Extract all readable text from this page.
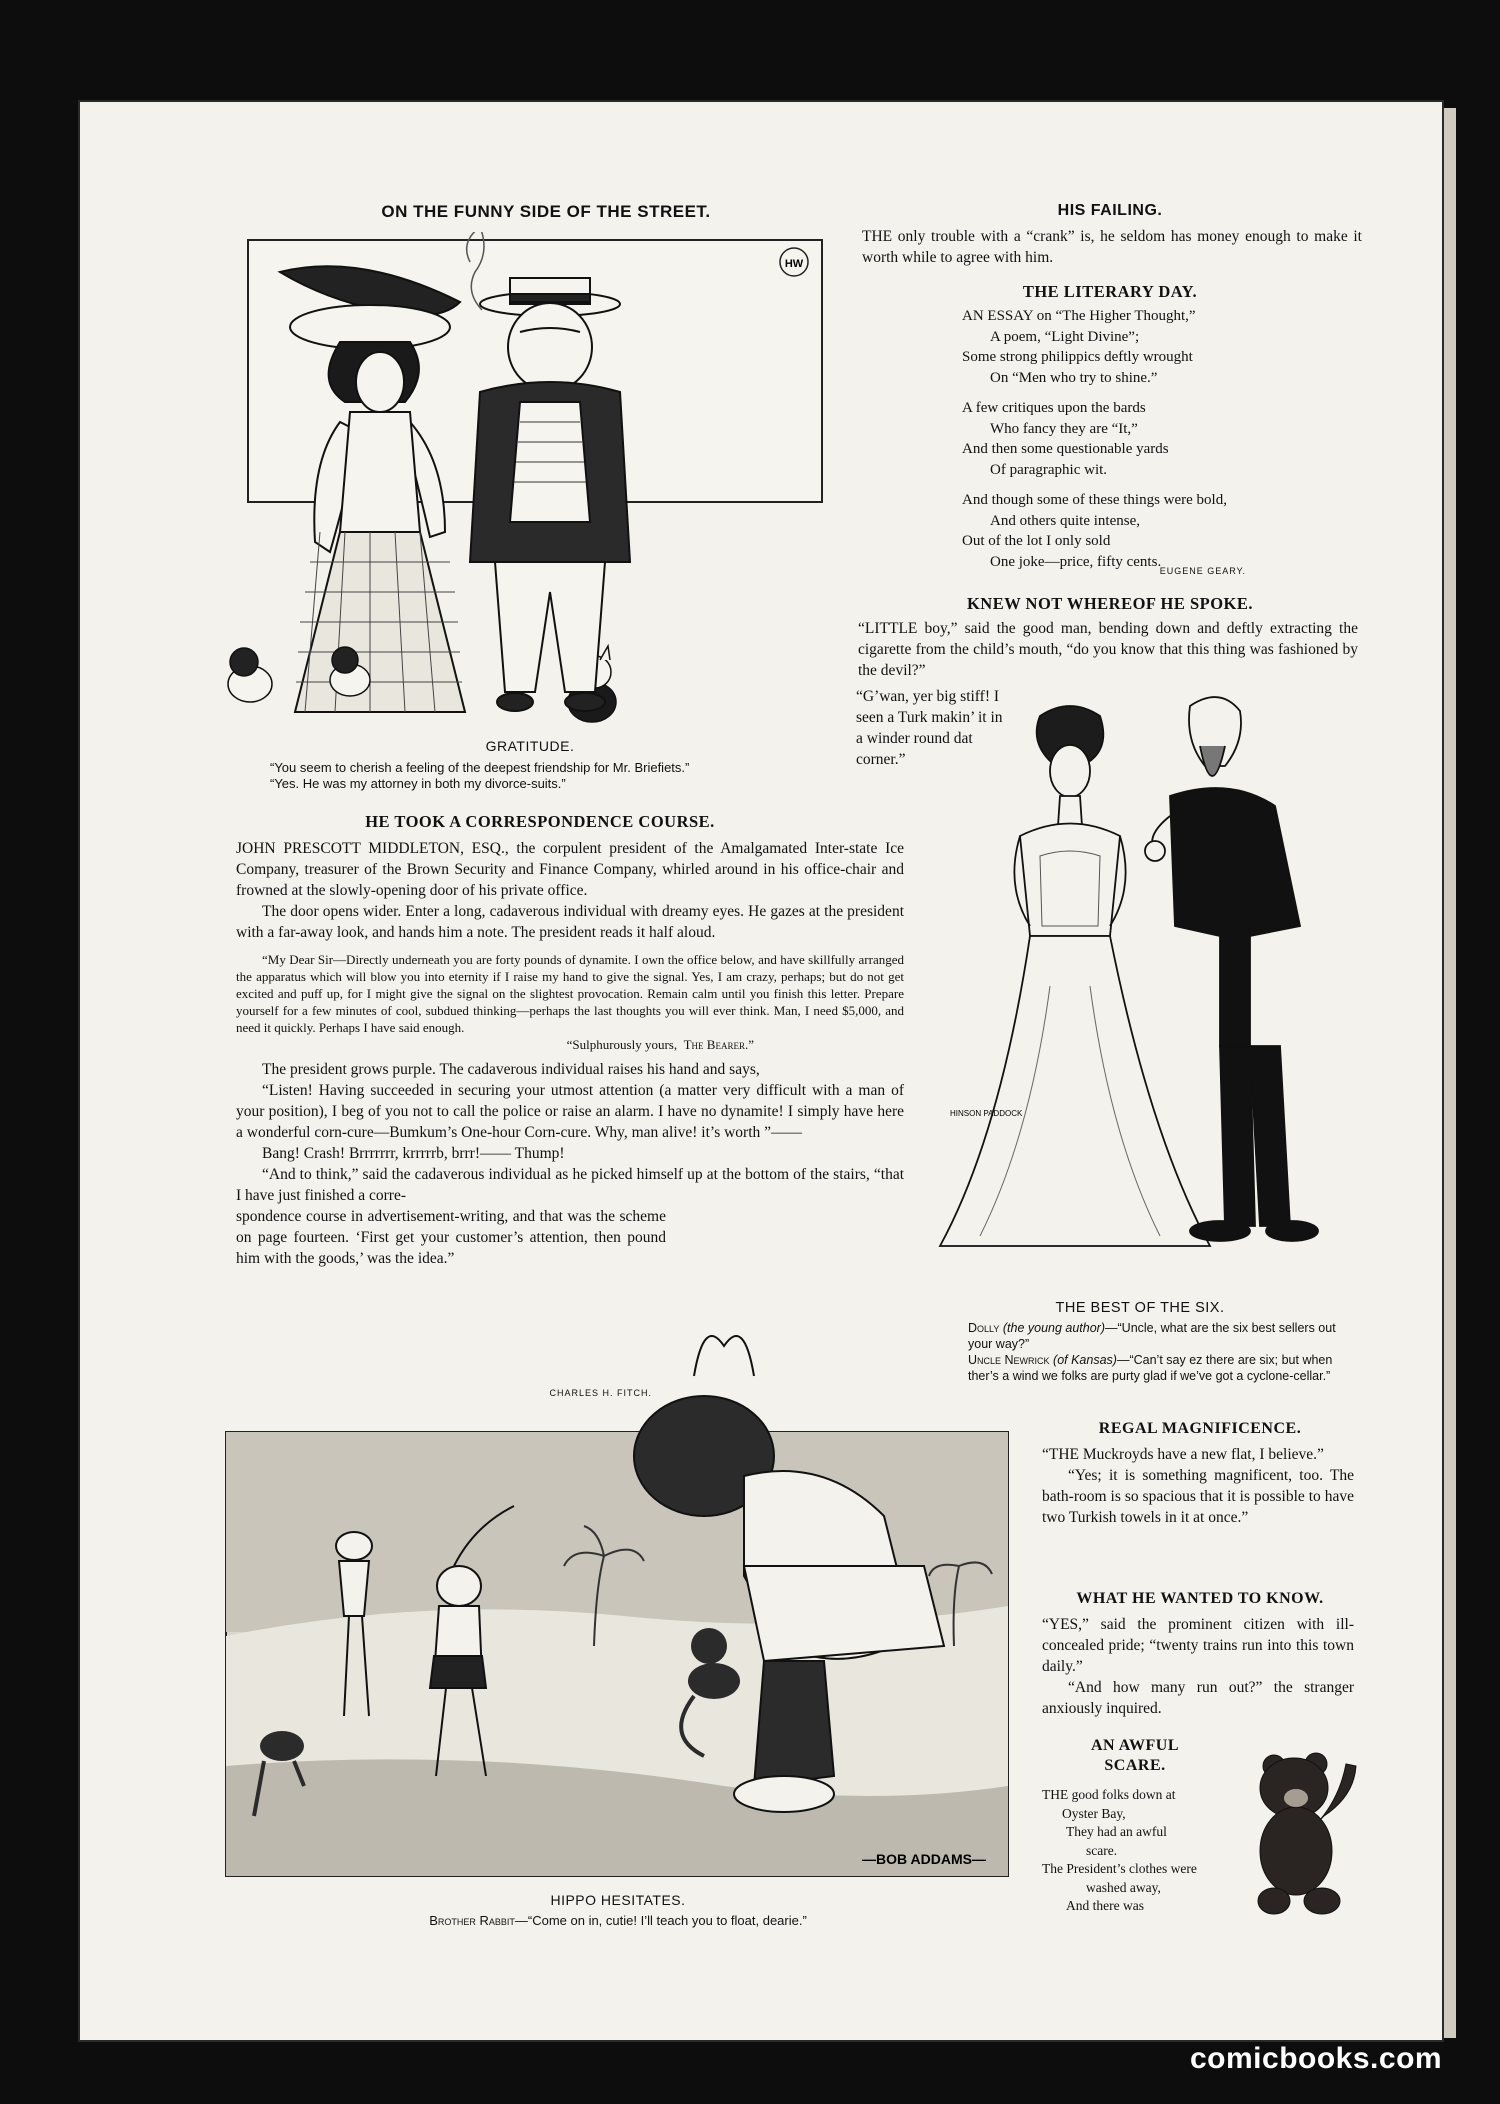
ON THE FUNNY SIDE OF THE STREET.
HW
GRATITUDE.
“You seem to cherish a feeling of the deepest friendship for Mr. Briefiets.”
“Yes. He was my attorney in both my divorce-suits.”
HE TOOK A CORRESPONDENCE COURSE.

JOHN PRESCOTT MIDDLETON, ESQ., the corpulent president of the Amalgamated Inter-state Ice Company, treasurer of the Brown Security and Finance Company, whirled around in his office-chair and frowned at the slowly-opening door of his private office.

The door opens wider. Enter a long, cadaverous individual with dreamy eyes. He gazes at the president with a far-away look, and hands him a note. The president reads it half aloud.

“My Dear Sir—Directly underneath you are forty pounds of dynamite. I own the office below, and have skillfully arranged the apparatus which will blow you into eternity if I raise my hand to give the signal. Yes, I am crazy, perhaps; but do not get excited and puff up, for I might give the signal on the slightest provocation. Remain calm until you finish this letter. Prepare yourself for a few minutes of cool, subdued thinking—perhaps the last thoughts you will ever think. Man, I need $5,000, and need it quickly. Perhaps I have said enough.

“Sulphurously yours, The Bearer.”

The president grows purple. The cadaverous individual raises his hand and says,

“Listen! Having succeeded in securing your utmost attention (a matter very difficult with a man of your position), I beg of you not to call the police or raise an alarm. I have no dynamite! I simply have here a wonderful corn-cure—Bumkum’s One-hour Corn-cure. Why, man alive! it’s worth ”——

Bang! Crash! Brrrrrrr, krrrrrb, brrr!—— Thump!

“And to think,” said the cadaverous individual as he picked himself up at the bottom of the stairs, “that I have just finished a corre-

spondence course in advertisement-writing, and that was the scheme on page fourteen. ‘First get your customer’s attention, then pound him with the goods,’ was the idea.”

CHARLES H. FITCH.
—BOB ADDAMS—
HIPPO HESITATES.
Brother Rabbit—“Come on in, cutie! I’ll teach you to float, dearie.”
HIS FAILING.
THE only trouble with a “crank” is, he seldom has money enough to make it worth while to agree with him.
THE LITERARY DAY.
AN ESSAY on “The Higher Thought,”
A poem, “Light Divine”;
Some strong philippics deftly wrought
On “Men who try to shine.”
A few critiques upon the bards
Who fancy they are “It,”
And then some questionable yards
Of paragraphic wit.
And though some of these things were bold,
And others quite intense,
Out of the lot I only sold
One joke—price, fifty cents.
EUGENE GEARY.
KNEW NOT WHEREOF HE SPOKE.
“LITTLE boy,” said the good man, bending down and deftly extracting the cigarette from the child’s mouth, “do you know that this thing was fashioned by the devil?”
“G’wan, yer big stiff! I seen a Turk makin’ it in a winder round dat corner.”
HINSON PADDOCK
THE BEST OF THE SIX.
Dolly (the young author)—“Uncle, what are the six best sellers out your way?”
Uncle Newrick (of Kansas)—“Can’t say ez there are six; but when ther’s a wind we folks are purty glad if we’ve got a cyclone-cellar.”
REGAL MAGNIFICENCE.

“THE Muckroyds have a new flat, I believe.”

“Yes; it is something magnificent, too. The bath-room is so spacious that it is possible to have two Turkish towels in it at once.”

WHAT HE WANTED TO KNOW.

“YES,” said the prominent citizen with ill-concealed pride; “twenty trains run into this town daily.”

“And how many run out?” the stranger anxiously inquired.

AN AWFUL
SCARE.
THE good folks down at
Oyster Bay,
They had an awful
scare.
The President’s clothes were
washed away,
And there was
comicbooks.com
